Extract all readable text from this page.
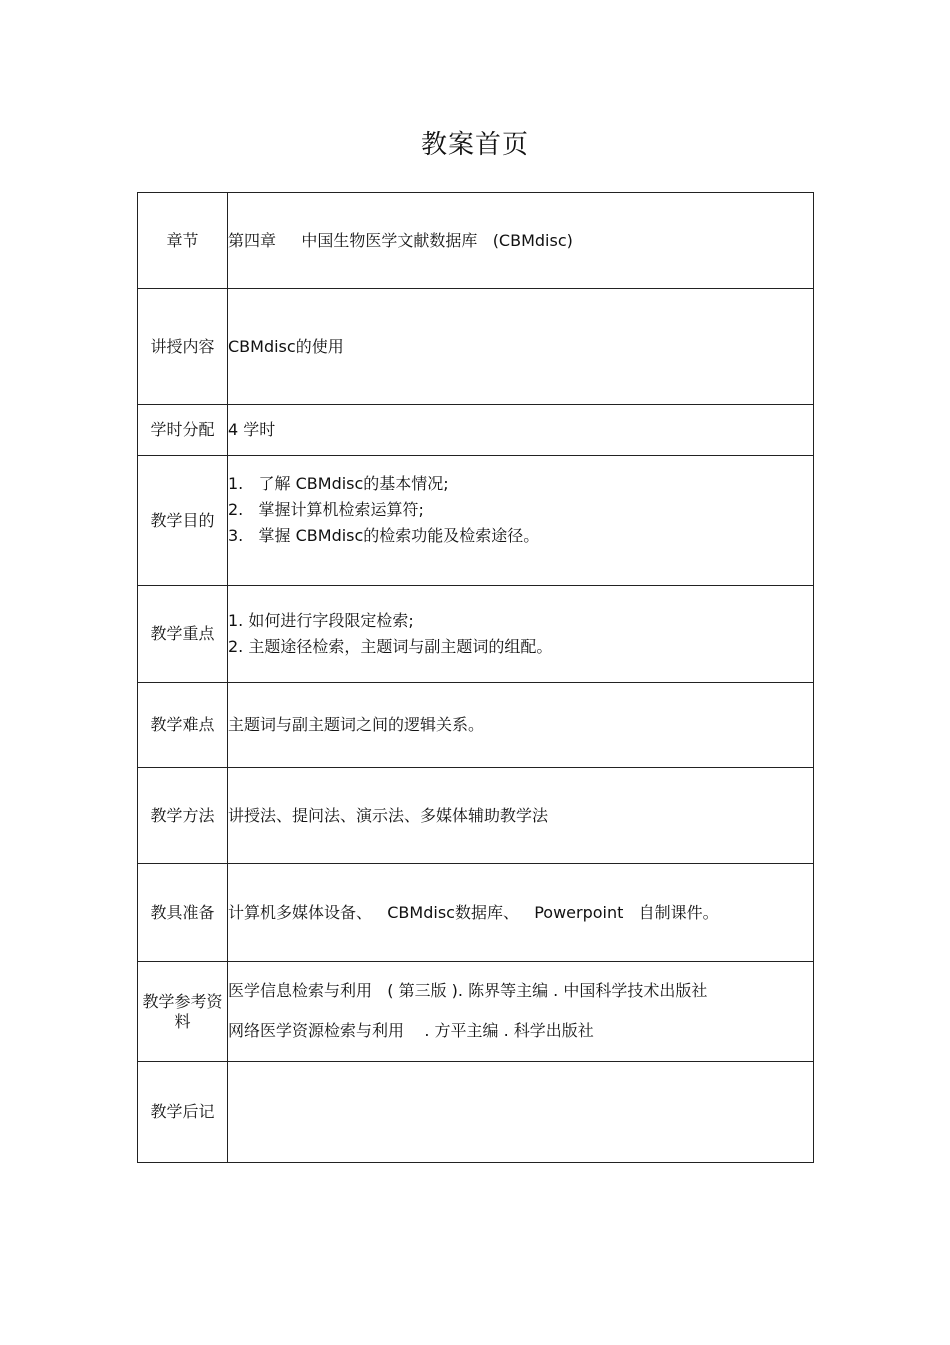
教案首页
章节	第四章     中国生物医学文献数据库   (CBMdisc)

讲授内容	CBMdisc的使用

学时分配	4 学时

教学目的	1.   了解 CBMdisc的基本情况;
2.   掌握计算机检索运算符;
3.   掌握 CBMdisc的检索功能及检索途径。

教学重点	1. 如何进行字段限定检索;
2. 主题途径检索，主题词与副主题词的组配。

教学难点	主题词与副主题词之间的逻辑关系。

教学方法	讲授法、提问法、演示法、多媒体辅助教学法

教具准备	计算机多媒体设备、   CBMdisc数据库、   Powerpoint   自制课件。

教学参考资料	医学信息检索与利用   ( 第三版 ). 陈界等主编 . 中国科学技术出版社
网络医学资源检索与利用    . 方平主编 . 科学出版社

教学后记	
